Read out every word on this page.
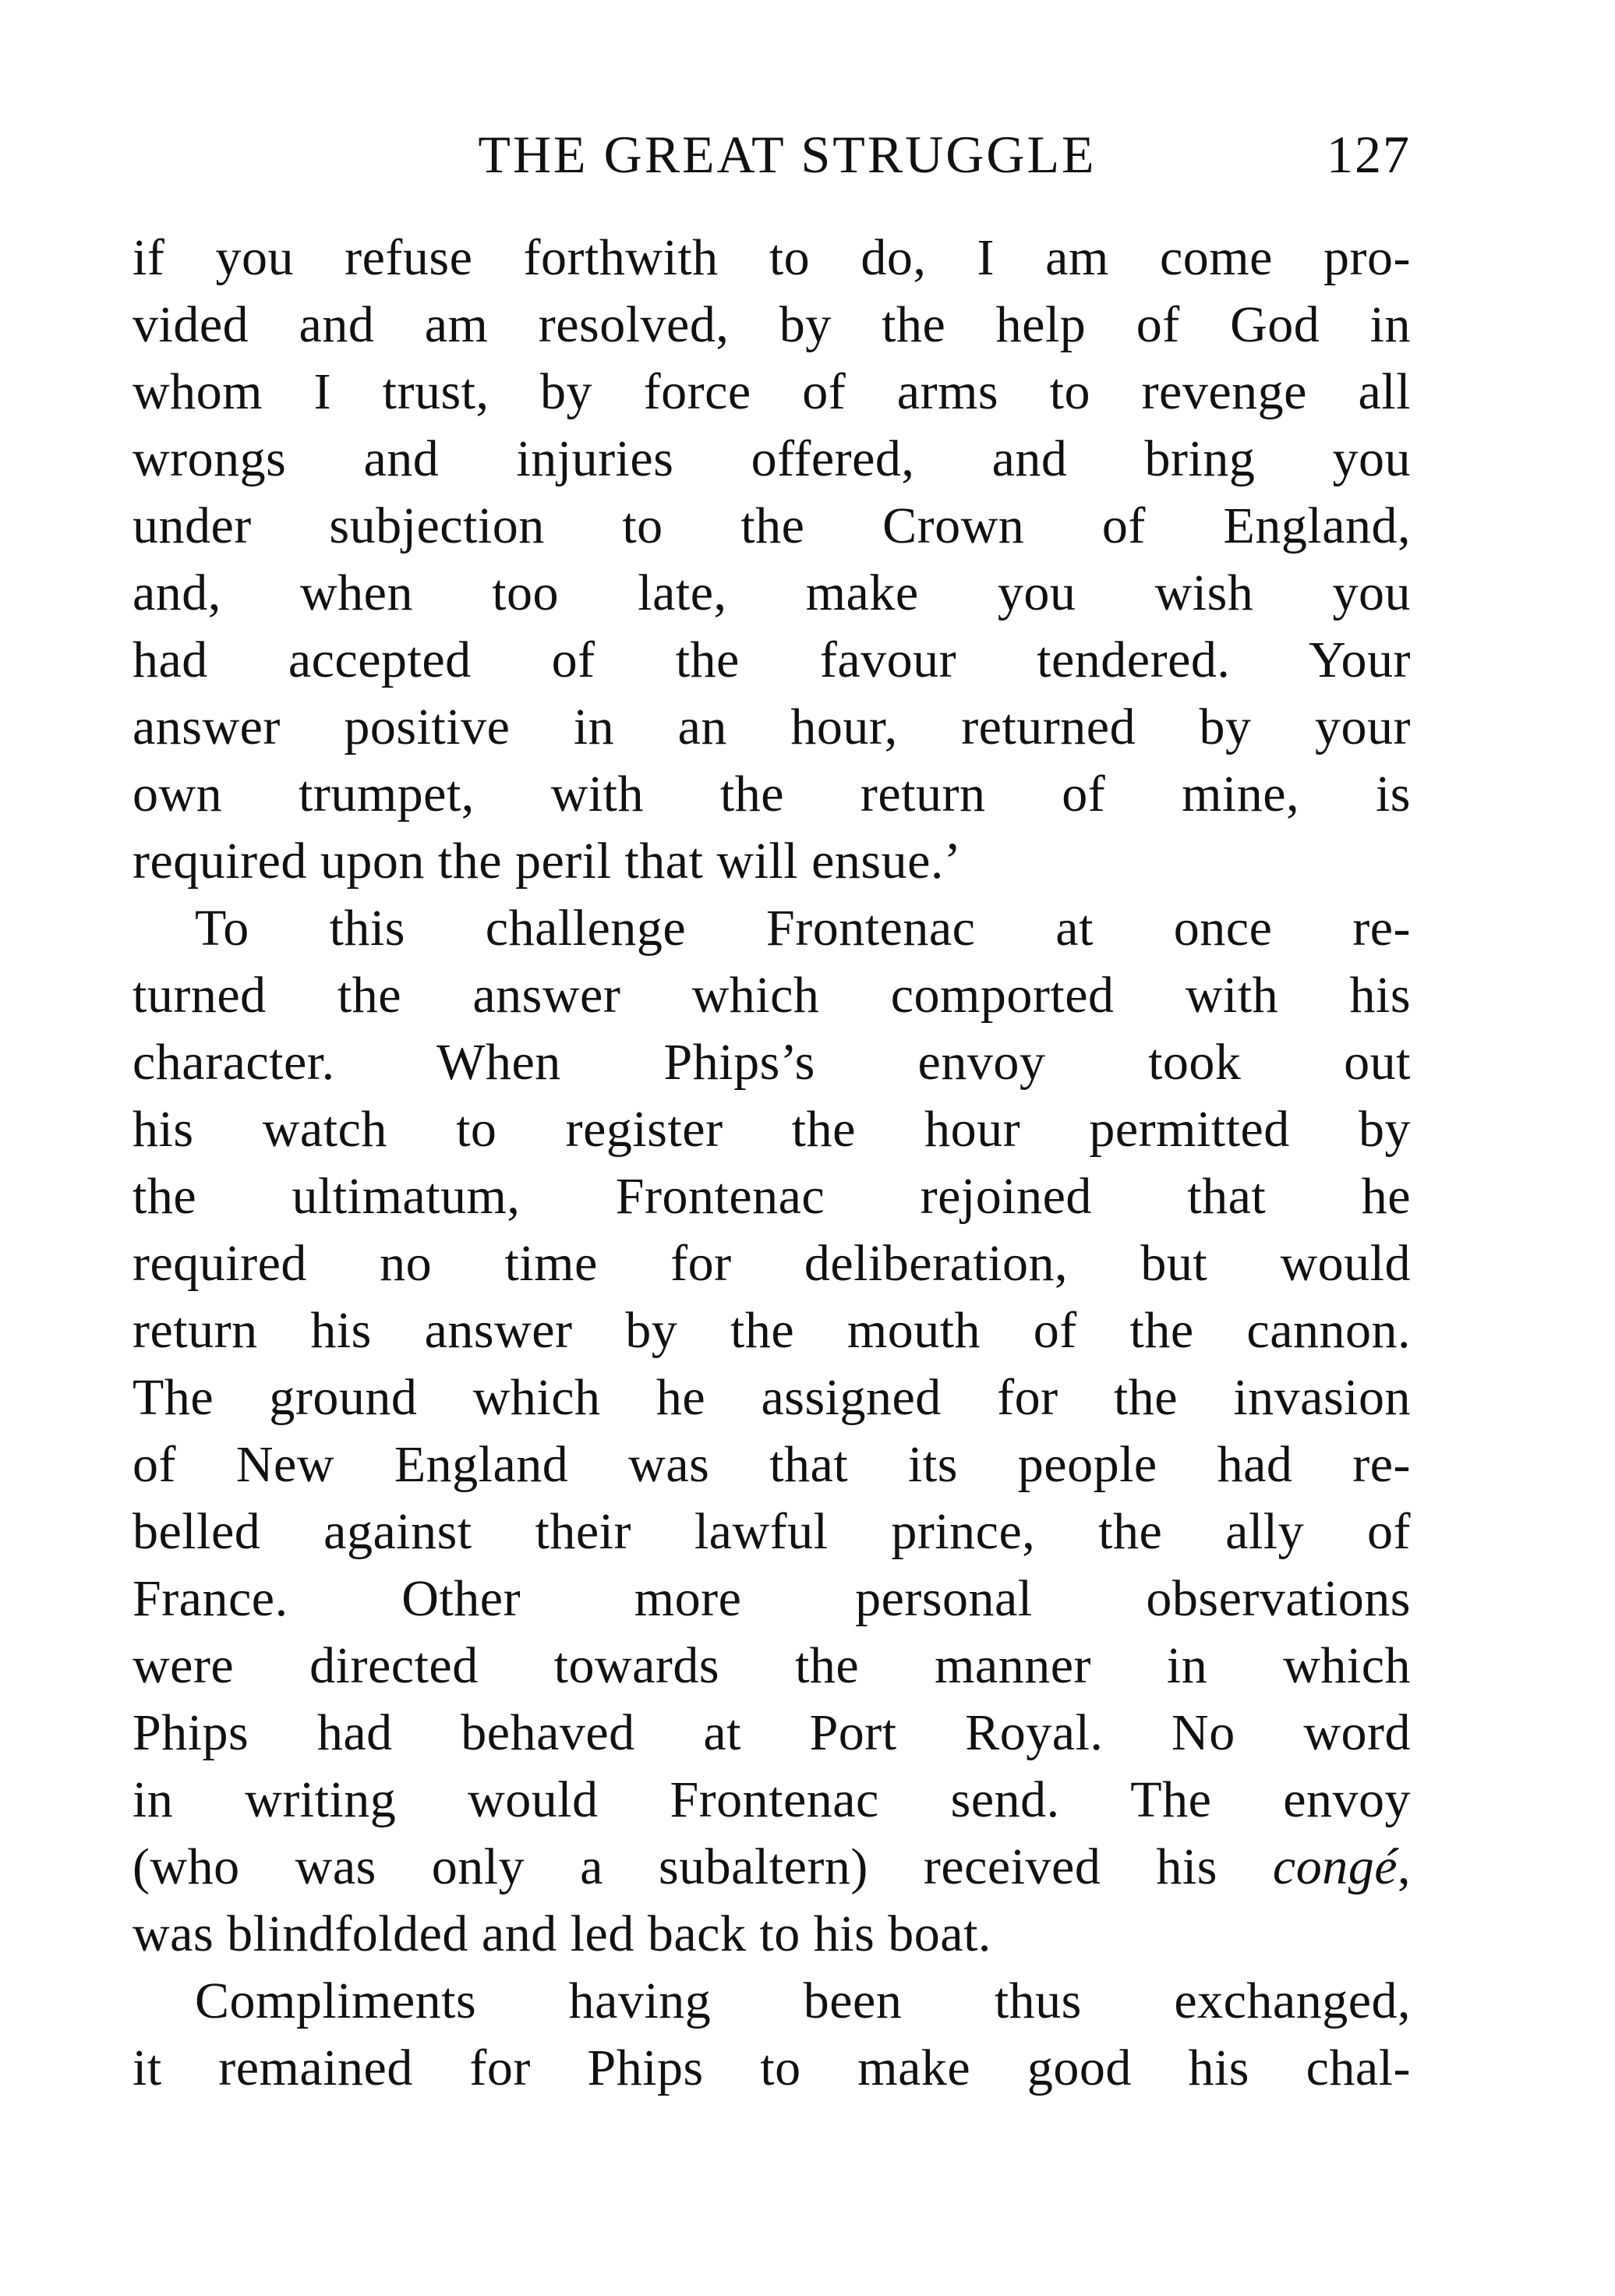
THE GREAT STRUGGLE	127
if you refuse forthwith to do, I am come pro-
vided and am resolved, by the help of God in
whom I trust, by force of arms to revenge all
wrongs and injuries offered, and bring you
under subjection to the Crown of England,
and, when too late, make you wish you
had accepted of the favour tendered. Your
answer positive in an hour, returned by your
own trumpet, with the return of mine, is
required upon the peril that will ensue.’
To this challenge Frontenac at once re-
turned the answer which comported with his
character. When Phips’s envoy took out
his watch to register the hour permitted by
the ultimatum, Frontenac rejoined that he
required no time for deliberation, but would
return his answer by the mouth of the cannon.
The ground which he assigned for the invasion
of New England was that its people had re-
belled against their lawful prince, the ally of
France. Other more personal observations
were directed towards the manner in which
Phips had behaved at Port Royal. No word
in writing would Frontenac send. The envoy
(who was only a subaltern) received his congé,
was blindfolded and led back to his boat.
Compliments having been thus exchanged,
it remained for Phips to make good his chal-
